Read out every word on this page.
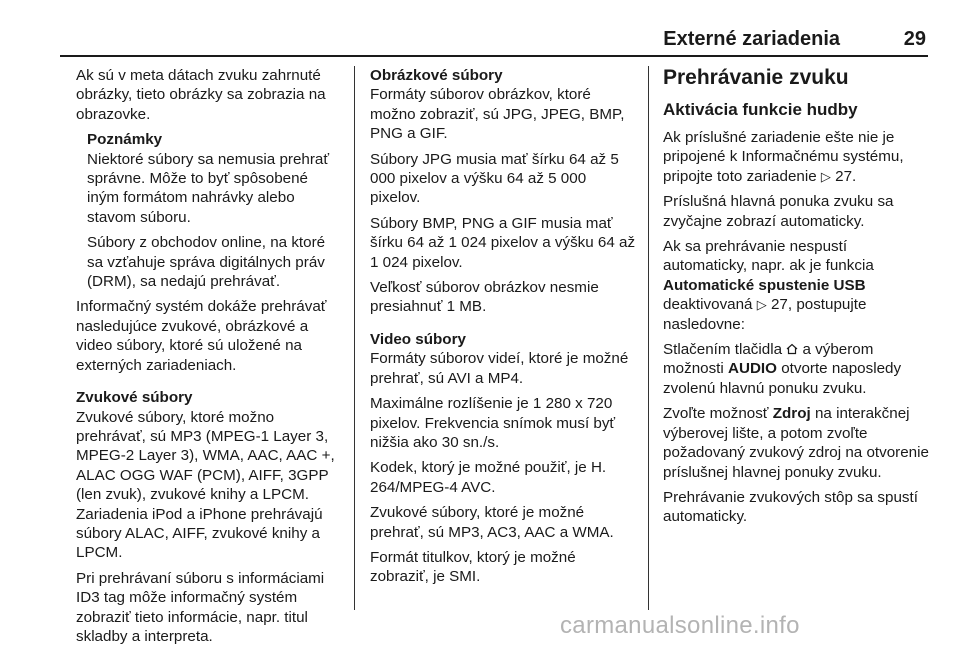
Externé zariadenia	29

Ak sú v meta dátach zvuku zahrnuté obrázky, tieto obrázky sa zobrazia na obrazovke.

Poznámky

Niektoré súbory sa nemusia prehrať správne. Môže to byť spôsobené iným formátom nahrávky alebo stavom súboru.

Súbory z obchodov online, na ktoré sa vzťahuje správa digitálnych práv (DRM), sa nedajú prehrávať.

Informačný systém dokáže prehrávať nasledujúce zvukové, obrázkové a video súbory, ktoré sú uložené na externých zariadeniach.

Zvukové súbory

Zvukové súbory, ktoré možno prehrávať, sú MP3 (MPEG-1 Layer 3, MPEG-2 Layer 3), WMA, AAC, AAC +, ALAC OGG WAF (PCM), AIFF, 3GPP (len zvuk), zvukové knihy a LPCM. Zariadenia iPod a iPhone prehrávajú súbory ALAC, AIFF, zvukové knihy a LPCM.

Pri prehrávaní súboru s informáciami ID3 tag môže informačný systém zobraziť tieto informácie, napr. titul skladby a interpreta.

Obrázkové súbory

Formáty súborov obrázkov, ktoré možno zobraziť, sú JPG, JPEG, BMP, PNG a GIF.

Súbory JPG musia mať šírku 64 až 5 000 pixelov a výšku 64 až 5 000 pixelov.

Súbory BMP, PNG a GIF musia mať šírku 64 až 1 024 pixelov a výšku 64 až 1 024 pixelov.

Veľkosť súborov obrázkov nesmie presiahnuť 1 MB.

Video súbory

Formáty súborov videí, ktoré je možné prehrať, sú AVI a MP4.

Maximálne rozlíšenie je 1 280 x 720 pixelov. Frekvencia snímok musí byť nižšia ako 30 sn./s.

Kodek, ktorý je možné použiť, je H. 264/MPEG-4 AVC.

Zvukové súbory, ktoré je možné prehrať, sú MP3, AC3, AAC a WMA.

Formát titulkov, ktorý je možné zobraziť, je SMI.

Prehrávanie zvuku
Aktivácia funkcie hudby

Ak príslušné zariadenie ešte nie je pripojené k Informačnému systému, pripojte toto zariadenie ▷ 27.

Príslušná hlavná ponuka zvuku sa zvyčajne zobrazí automaticky.

Ak sa prehrávanie nespustí automaticky, napr. ak je funkcia
Automatické spustenie USB
deaktivovaná ▷ 27, postupujte nasledovne:

Stlačením tlačidla a výberom možnosti AUDIO otvorte naposledy zvolenú hlavnú ponuku zvuku.

Zvoľte možnosť Zdroj na interakčnej výberovej lište, a potom zvoľte požadovaný zvukový zdroj na otvorenie príslušnej hlavnej ponuky zvuku.

Prehrávanie zvukových stôp sa spustí automaticky.

carmanualsonline.info
